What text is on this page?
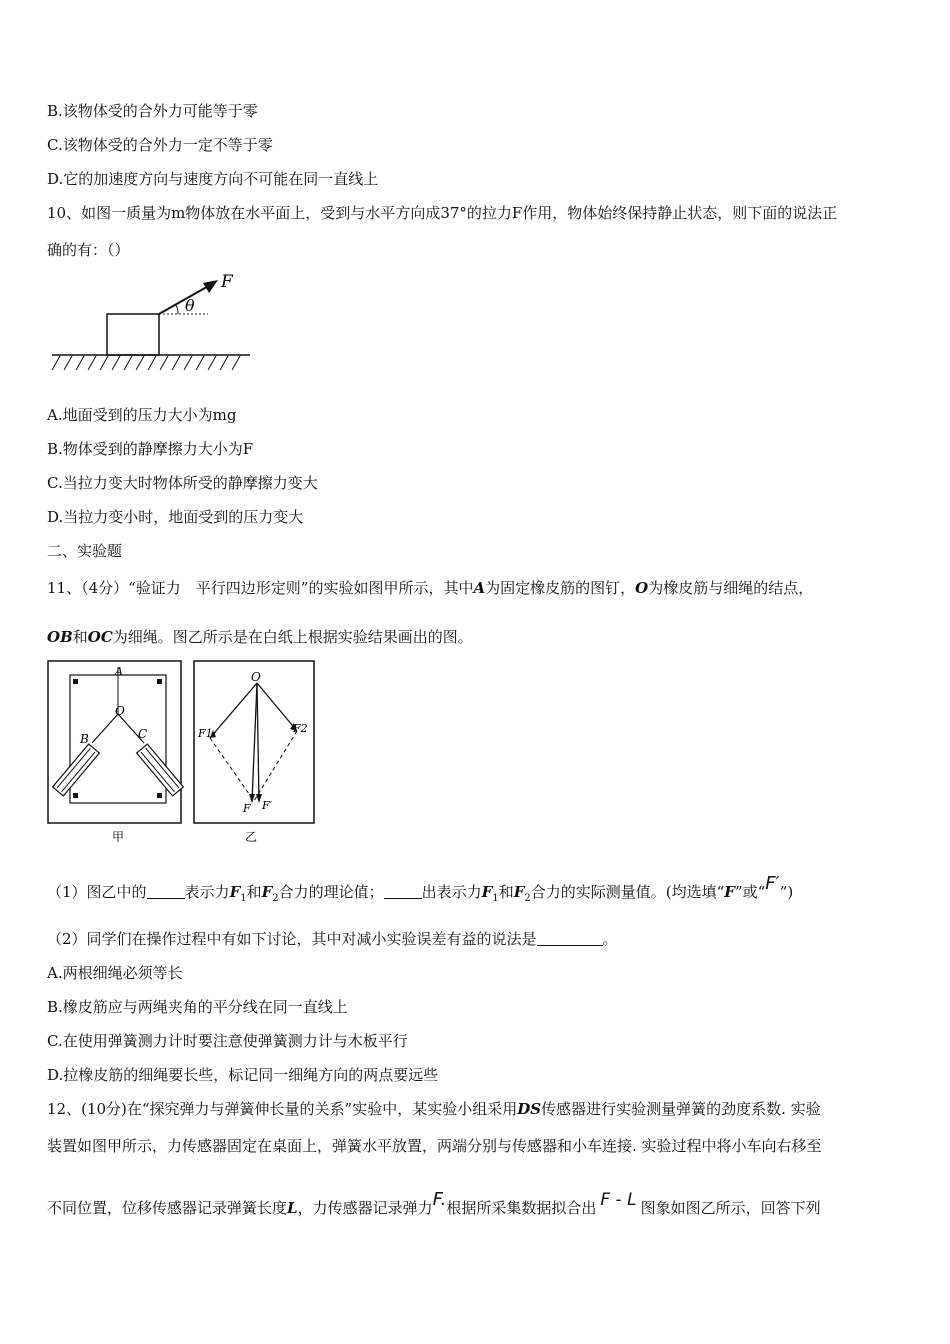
B.该物体受的合外力可能等于零
C.该物体受的合外力一定不等于零
D.它的加速度方向与速度方向不可能在同一直线上
10、如图一质量为m物体放在水平面上，受到与水平方向成37°的拉力F作用，物体始终保持静止状态，则下面的说法正
确的有：（）
F
θ
A.地面受到的压力大小为mg
B.物体受到的静摩擦力大小为F
C.当拉力变大时物体所受的静摩擦力变大
D.当拉力变小时，地面受到的压力变大
二、实验题
11、（4分）“验证力　平行四边形定则”的实验如图甲所示，其中A为固定橡皮筋的图钉，O为橡皮筋与细绳的结点，
OB和OC为细绳。图乙所示是在白纸上根据实验结果画出的图。
A
O
B	C
甲
O
F1	F2
F F′
乙
（1）图乙中的	表示力$F_1$和$F_2$合力的理论值；	出表示力$F_1$和$F_2$合力的实际测量值。(均选填“F”或“F′”)
（2）同学们在操作过程中有如下讨论，其中对减小实验误差有益的说法是	。
A.两根细绳必须等长
B.橡皮筋应与两绳夹角的平分线在同一直线上
C.在使用弹簧测力计时要注意使弹簧测力计与木板平行
D.拉橡皮筋的细绳要长些，标记同一细绳方向的两点要远些
12、(10分)在“探究弹力与弹簧伸长量的关系”实验中，某实验小组采用DS传感器进行实验测量弹簧的劲度系数. 实验
装置如图甲所示，力传感器固定在桌面上，弹簧水平放置，两端分别与传感器和小车连接. 实验过程中将小车向右移至
不同位置，位移传感器记录弹簧长度L，力传感器记录弹力F.根据所采集数据拟合出 F - L 图象如图乙所示，回答下列
